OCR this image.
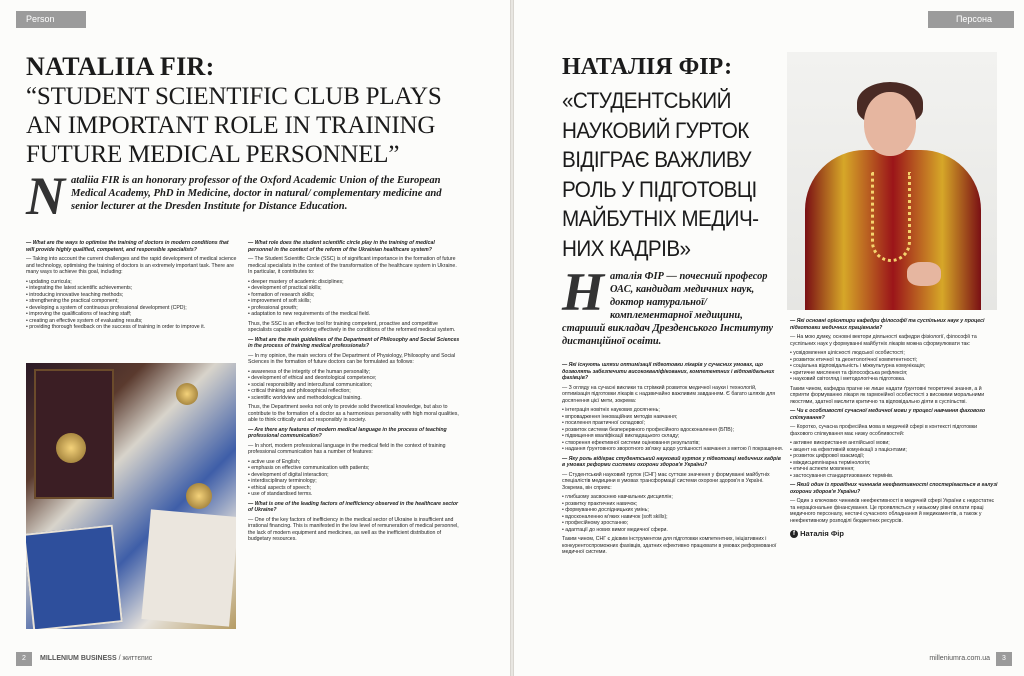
Person
NATALIIA FIR:
“STUDENT SCIENTIFIC CLUB PLAYS AN IMPORTANT ROLE IN TRAINING FUTURE MEDICAL PERSONNEL”
N ataliia FIR is an honorary professor of the Oxford Academic Union of the European Medical Academy, PhD in Medicine, doctor in natural/ complementary medicine and senior lecturer at the Dresden Institute for Distance Education.
— What are the ways to optimise the training of doctors in modern conditions that will provide highly qualified, competent, and responsible specialists?

— Taking into account the current challenges and the rapid development of medical science and technology, optimising the training of doctors is an extremely important task. There are many ways to achieve this goal, including:

• updating curricula;
• integrating the latest scientific achievements;
• introducing innovative teaching methods;
• strengthening the practical component;
• developing a system of continuous professional development (CPD);
• improving the qualifications of teaching staff;
• creating an effective system of evaluating results;
• providing thorough feedback on the success of training in order to improve it.
— What role does the student scientific circle play in the training of medical personnel in the context of the reform of the Ukrainian healthcare system?

— The Student Scientific Circle (SSC) is of significant importance in the formation of future medical specialists in the context of the transformation of the healthcare system in Ukraine. In particular, it contributes to:

• deeper mastery of academic disciplines;
• development of practical skills;
• formation of research skills;
• improvement of soft skills;
• professional growth;
• adaptation to new requirements of the medical field.

Thus, the SSC is an effective tool for training competent, proactive and competitive specialists capable of working effectively in the conditions of the reformed medical system.

— What are the main guidelines of the Department of Philosophy and Social Sciences in the process of training medical professionals?

— In my opinion, the main vectors of the Department of Physiology, Philosophy and Social Sciences in the formation of future doctors can be formulated as follows:

• awareness of the integrity of the human personality;
• development of ethical and deontological competence;
• social responsibility and intercultural communication;
• critical thinking and philosophical reflection;
• scientific worldview and methodological training.

Thus, the Department seeks not only to provide solid theoretical knowledge, but also to contribute to the formation of a doctor as a harmonious personality with high moral qualities, able to think critically and act responsibly in society.

— Are there any features of modern medical language in the process of teaching professional communication?

— In short, modern professional language in the medical field in the context of training professional communication has a number of features:

• active use of English;
• emphasis on effective communication with patients;
• development of digital interaction;
• interdisciplinary terminology;
• ethical aspects of speech;
• use of standardised terms.
— What is one of the leading factors of inefficiency observed in the healthcare sector of Ukraine?

— One of the key factors of inefficiency in the medical sector of Ukraine is insufficient and irrational financing. This is manifested in the low level of remuneration of medical personnel, the lack of modern equipment and medicines, as well as the inefficient distribution of budgetary resources.

2	MILLENIUM BUSINESS / життєпис
Персона
НАТАЛІЯ ФІР:
«СТУДЕНТСЬКИЙ НАУКОВИЙ ГУРТОК ВІДІГРАЄ ВАЖЛИВУ РОЛЬ У ПІДГОТОВЦІ МАЙБУТНІХ МЕДИЧ-НИХ КАДРІВ»
Н аталія ФІР — почесний професор ОАС, кандидат медичних наук, доктор натуральної/комплементарної медицини, старший викладач Дрезденського Інституту дистанційної освіти.
— Які існують шляхи оптимізації підготовки лікарів у сучасних умовах, що дозволять забезпечити висококваліфікованих, компетентних і відповідальних фахівців?

— З огляду на сучасні виклики та стрімкий розвиток медичної науки і технологій, оптимізація підготовки лікарів є надзвичайно важливим завданням. Є багато шляхів для досягнення цієї мети, зокрема:

• інтеграція новітніх наукових досягнень;
• впровадження інноваційних методів навчання;
• посилення практичної складової;
• розвиток системи безперервного професійного вдосконалення (БПВ);
• підвищення кваліфікації викладацького складу;
• створення ефективної системи оцінювання результатів;
• надання ґрунтовного зворотного зв'язку щодо успішності навчання з метою її покращення.
— Яку роль відіграє студентський науковий гурток у підготовці медичних кадрів в умовах реформи системи охорони здоров'я України?

— Студентський науковий гурток (СНГ) має суттєве значення у формуванні майбутніх спеціалістів медицини в умовах трансформації системи охорони здоров'я в Україні. Зокрема, він сприяє:

• глибшому засвоєнню навчальних дисциплін;
• розвитку практичних навичок;
• формуванню дослідницьких умінь;
• вдосконаленню м'яких навичок (soft skills);
• професійному зростанню;
• адаптації до нових вимог медичної сфери.

Таким чином, СНГ є дієвим інструментом для підготовки компетентних, ініціативних і конкурентоспроможних фахівців, здатних ефективно працювати в умовах реформованої медичної системи.

— Які основні орієнтири кафедри філософії та суспільних наук у процесі підготовки медичних працівників?

— На мою думку, основні вектори діяльності кафедри фізіології, філософії та суспільних наук у формуванні майбутніх лікарів можна сформулювати так:

• усвідомлення цілісності людської особистості;
• розвиток етичної та деонтологічної компетентності;
• соціальна відповідальність і міжкультурна комунікація;
• критичне мислення та філософська рефлексія;
• науковий світогляд і методологічна підготовка.

Таким чином, кафедра прагне не лише надати ґрунтовні теоретичні знання, а й сприяти формуванню лікаря як гармонійної особистості з високими моральними якостями, здатної мислити критично та відповідально діяти в суспільстві.

— Чи є особливості сучасної медичної мови у процесі навчання фахового спілкування?

— Коротко, сучасна професійна мова в медичній сфері в контексті підготовки фахового спілкування має низку особливостей:

• активне використання англійської мови;
• акцент на ефективній комунікації з пацієнтами;
• розвиток цифрової взаємодії;
• міждисциплінарна термінологія;
• етичні аспекти мовлення;
• застосування стандартизованих термінів.
— Який один із провідних чинників неефективності спостерігається в галузі охорони здоров'я України?

— Один з ключових чинників неефективності в медичній сфері України є недостатнє та нераціональне фінансування. Це проявляється у низькому рівні оплати праці медичного персоналу, нестачі сучасного обладнання й медикаментів, а також у неефективному розподілі бюджетних ресурсів.

f Наталія Фір
milleniumra.com.ua	3
